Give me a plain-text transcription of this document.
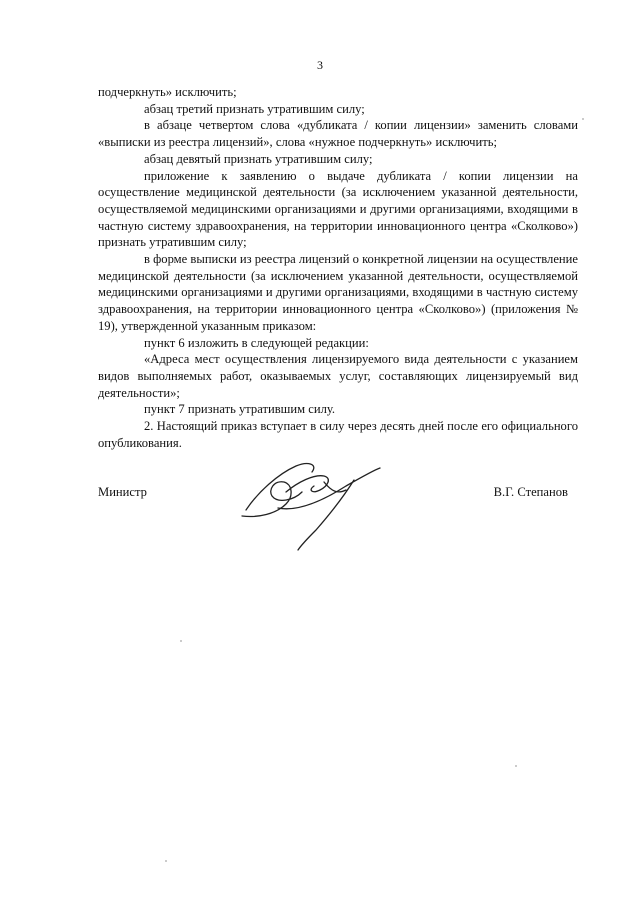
3

подчеркнуть» исключить;

абзац третий признать утратившим силу;

в абзаце четвертом слова «дубликата / копии лицензии» заменить словами «выписки из реестра лицензий», слова «нужное подчеркнуть» исключить;

абзац девятый признать утратившим силу;

приложение к заявлению о выдаче дубликата / копии лицензии на осуществление медицинской деятельности (за исключением указанной деятельности, осуществляемой медицинскими организациями и другими организациями, входящими в частную систему здравоохранения, на территории инновационного центра «Сколково») признать утратившим силу;

в форме выписки из реестра лицензий о конкретной лицензии на осуществление медицинской деятельности (за исключением указанной деятельности, осуществляемой медицинскими организациями и другими организациями, входящими в частную систему здравоохранения, на территории инновационного центра «Сколково») (приложения № 19), утвержденной указанным приказом:

пункт 6 изложить в следующей редакции:

«Адреса мест осуществления лицензируемого вида деятельности с указанием видов выполняемых работ, оказываемых услуг, составляющих лицензируемый вид деятельности»;

пункт 7 признать утратившим силу.

2. Настоящий приказ вступает в силу через десять дней после его официального опубликования.

Министр	В.Г. Степанов
